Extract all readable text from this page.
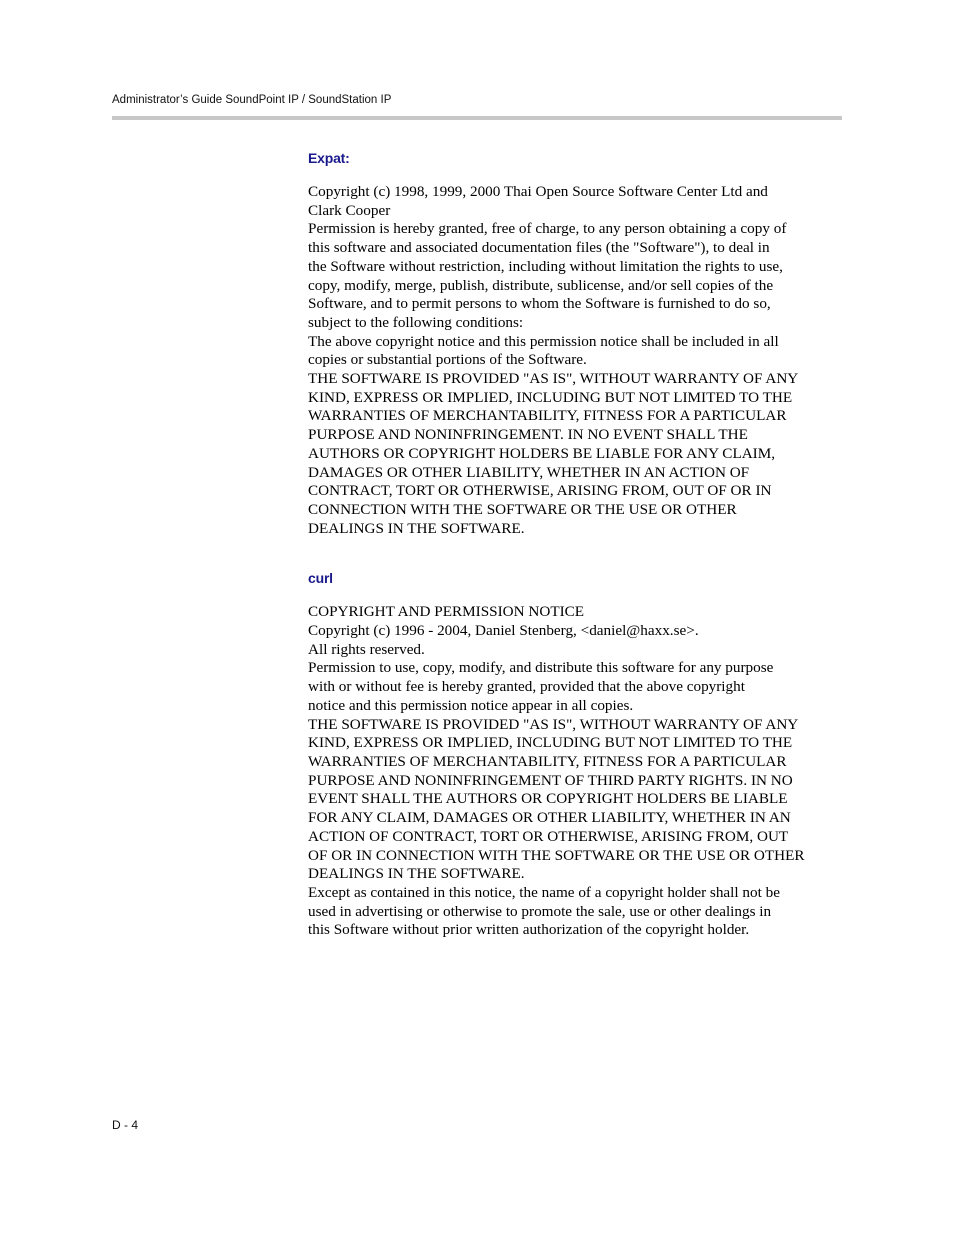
Administrator’s Guide SoundPoint IP / SoundStation IP
Expat:

Copyright (c) 1998, 1999, 2000 Thai Open Source Software Center Ltd and
Clark Cooper

Permission is hereby granted, free of charge, to any person obtaining a copy of
this software and associated documentation files (the "Software"), to deal in
the Software without restriction, including without limitation the rights to use,
copy, modify, merge, publish, distribute, sublicense, and/or sell copies of the
Software, and to permit persons to whom the Software is furnished to do so,
subject to the following conditions:

The above copyright notice and this permission notice shall be included in all
copies or substantial portions of the Software.

THE SOFTWARE IS PROVIDED "AS IS", WITHOUT WARRANTY OF ANY
KIND, EXPRESS OR IMPLIED, INCLUDING BUT NOT LIMITED TO THE
WARRANTIES OF MERCHANTABILITY, FITNESS FOR A PARTICULAR
PURPOSE AND NONINFRINGEMENT. IN NO EVENT SHALL THE
AUTHORS OR COPYRIGHT HOLDERS BE LIABLE FOR ANY CLAIM,
DAMAGES OR OTHER LIABILITY, WHETHER IN AN ACTION OF
CONTRACT, TORT OR OTHERWISE, ARISING FROM, OUT OF OR IN
CONNECTION WITH THE SOFTWARE OR THE USE OR OTHER
DEALINGS IN THE SOFTWARE.

curl

COPYRIGHT AND PERMISSION NOTICE

Copyright (c) 1996 - 2004, Daniel Stenberg, <daniel@haxx.se>.

All rights reserved.

Permission to use, copy, modify, and distribute this software for any purpose
with or without fee is hereby granted, provided that the above copyright
notice and this permission notice appear in all copies.

THE SOFTWARE IS PROVIDED "AS IS", WITHOUT WARRANTY OF ANY
KIND, EXPRESS OR IMPLIED, INCLUDING BUT NOT LIMITED TO THE
WARRANTIES OF MERCHANTABILITY, FITNESS FOR A PARTICULAR
PURPOSE AND NONINFRINGEMENT OF THIRD PARTY RIGHTS. IN NO
EVENT SHALL THE AUTHORS OR COPYRIGHT HOLDERS BE LIABLE
FOR ANY CLAIM, DAMAGES OR OTHER LIABILITY, WHETHER IN AN
ACTION OF CONTRACT, TORT OR OTHERWISE, ARISING FROM, OUT
OF OR IN CONNECTION WITH THE SOFTWARE OR THE USE OR OTHER
DEALINGS IN THE SOFTWARE.

Except as contained in this notice, the name of a copyright holder shall not be
used in advertising or otherwise to promote the sale, use or other dealings in
this Software without prior written authorization of the copyright holder.

D - 4
